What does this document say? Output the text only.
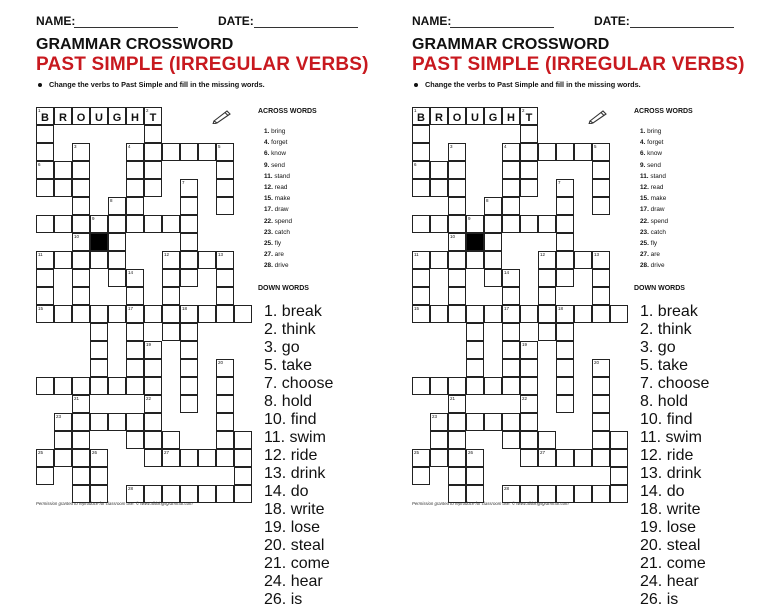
NAME:	DATE:
GRAMMAR CROSSWORD
PAST SIMPLE (IRREGULAR VERBS)
Change the verbs to Past Simple and fill in the missing words.
1
B R O U G H
2
T
6
3	4	5
7
8
9
10
11
15
12	13
14
17	18
19
22
20
21
23
25	26	27
28
ACROSS WORDS
1. bring
4. forget
6. know
9. send
11. stand
12. read
15. make
17. draw
22. spend
23. catch
25. fly
27. are
28. drive
DOWN WORDS
1. break
2. think
3. go
5. take
7. choose
8. hold
10. find
11. swim
12. ride
13. drink
14. do
18. write
19. lose
20. steal
21. come
24. hear
26. is
Permission granted to reproduce for classroom use. © www.allthingsgrammar.com
NAME:	DATE:
GRAMMAR CROSSWORD
PAST SIMPLE (IRREGULAR VERBS)
Change the verbs to Past Simple and fill in the missing words.
1
B R O U G H
2
T
6
3	4	5
7
8
9
10
11
15
12	13
14
17	18
19
22
20
21
23
25	26	27
28
ACROSS WORDS
1. bring
4. forget
6. know
9. send
11. stand
12. read
15. make
17. draw
22. spend
23. catch
25. fly
27. are
28. drive
DOWN WORDS
1. break
2. think
3. go
5. take
7. choose
8. hold
10. find
11. swim
12. ride
13. drink
14. do
18. write
19. lose
20. steal
21. come
24. hear
26. is
Permission granted to reproduce for classroom use. © www.allthingsgrammar.com
